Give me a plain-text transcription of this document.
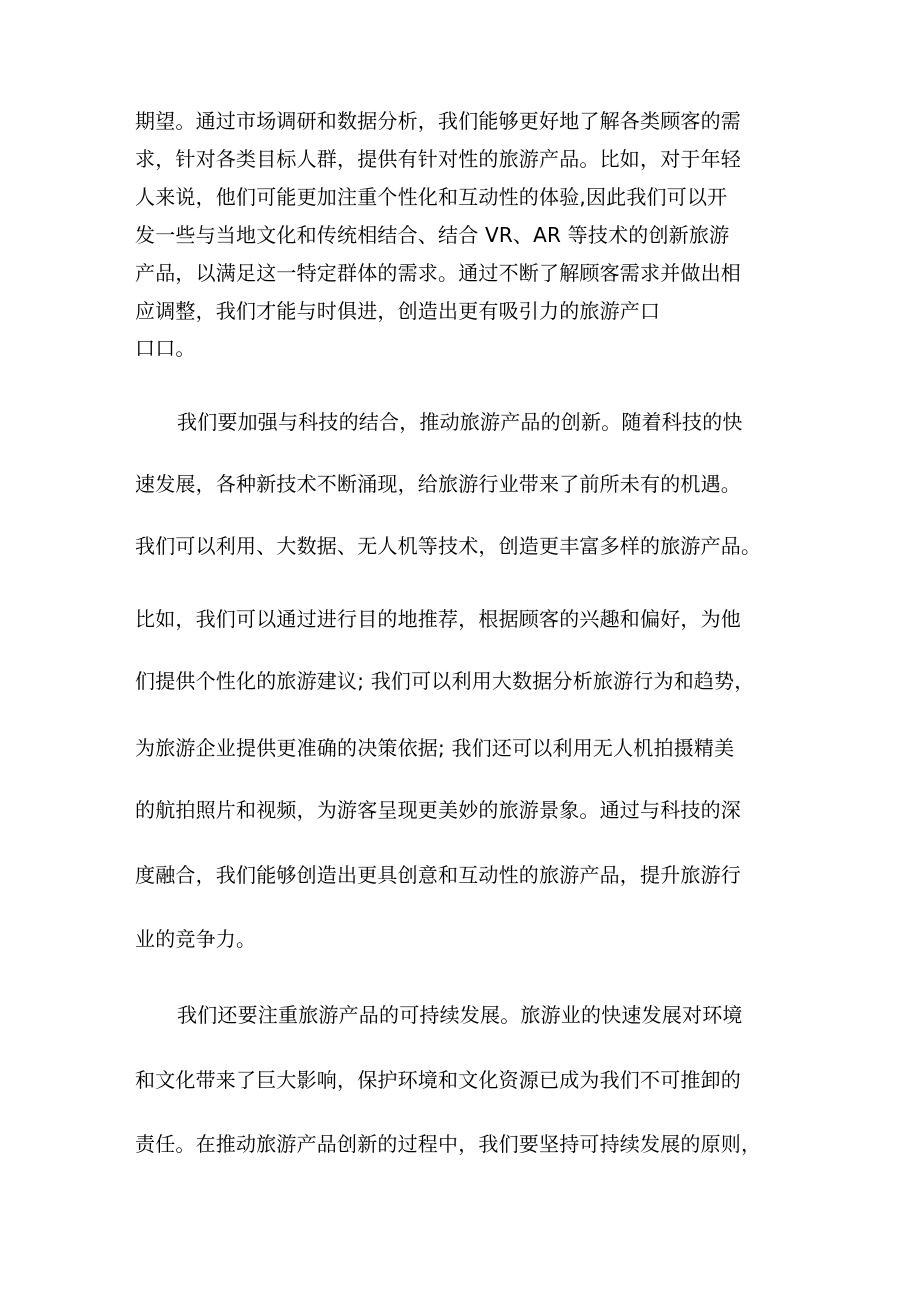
期望。通过市场调研和数据分析，我们能够更好地了解各类顾客的需

求，针对各类目标人群，提供有针对性的旅游产品。比如，对于年轻

人来说，他们可能更加注重个性化和互动性的体验,因此我们可以开

发一些与当地文化和传统相结合、结合 VR、AR 等技术的创新旅游

产品，以满足这一特定群体的需求。通过不断了解顾客需求并做出相

应调整，我们才能与时俱进，创造出更有吸引力的旅游产口

口口。

我们要加强与科技的结合，推动旅游产品的创新。随着科技的快

速发展，各种新技术不断涌现，给旅游行业带来了前所未有的机遇。

我们可以利用、大数据、无人机等技术，创造更丰富多样的旅游产品。

比如，我们可以通过进行目的地推荐，根据顾客的兴趣和偏好，为他

们提供个性化的旅游建议; 我们可以利用大数据分析旅游行为和趋势，

为旅游企业提供更准确的决策依据; 我们还可以利用无人机拍摄精美

的航拍照片和视频，为游客呈现更美妙的旅游景象。通过与科技的深

度融合，我们能够创造出更具创意和互动性的旅游产品，提升旅游行

业的竞争力。

我们还要注重旅游产品的可持续发展。旅游业的快速发展对环境

和文化带来了巨大影响，保护环境和文化资源已成为我们不可推卸的

责任。在推动旅游产品创新的过程中，我们要坚持可持续发展的原则，
